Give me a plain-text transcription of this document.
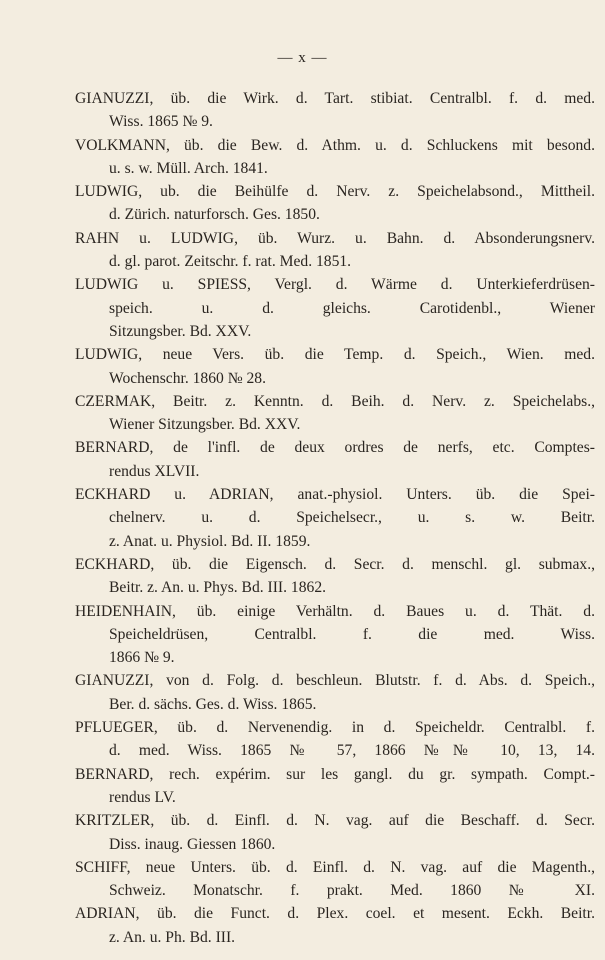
— x —
GIANUZZI, üb. die Wirk. d. Tart. stibiat. Centralbl. f. d. med.
Wiss. 1865 № 9.
VOLKMANN, üb. die Bew. d. Athm. u. d. Schluckens mit besond.
u. s. w. Müll. Arch. 1841.
LUDWIG, ub. die Beihülfe d. Nerv. z. Speichelabsond., Mittheil.
d. Zürich. naturforsch. Ges. 1850.
RAHN u. LUDWIG, üb. Wurz. u. Bahn. d. Absonderungsnerv.
d. gl. parot. Zeitschr. f. rat. Med. 1851.
LUDWIG u. SPIESS, Vergl. d. Wärme d. Unterkieferdrüsen-
speich. u. d. gleichs. Carotidenbl., Wiener
Sitzungsber. Bd. XXV.
LUDWIG, neue Vers. üb. die Temp. d. Speich., Wien. med.
Wochenschr. 1860 № 28.
CZERMAK, Beitr. z. Kenntn. d. Beih. d. Nerv. z. Speichelabs.,
Wiener Sitzungsber. Bd. XXV.
BERNARD, de l'infl. de deux ordres de nerfs, etc. Comptes-
rendus XLVII.
ECKHARD u. ADRIAN, anat.-physiol. Unters. üb. die Spei-
chelnerv. u. d. Speichelsecr., u. s. w. Beitr.
z. Anat. u. Physiol. Bd. II. 1859.
ECKHARD, üb. die Eigensch. d. Secr. d. menschl. gl. submax.,
Beitr. z. An. u. Phys. Bd. III. 1862.
HEIDENHAIN, üb. einige Verhältn. d. Baues u. d. Thät. d.
Speicheldrüsen, Centralbl. f. die med. Wiss.
1866 № 9.
GIANUZZI, von d. Folg. d. beschleun. Blutstr. f. d. Abs. d. Speich.,
Ber. d. sächs. Ges. d. Wiss. 1865.
PFLUEGER, üb. d. Nervenendig. in d. Speicheldr. Centralbl. f.
d. med. Wiss. 1865 № 57, 1866 №№ 10, 13, 14.
BERNARD, rech. expérim. sur les gangl. du gr. sympath. Compt.-
rendus LV.
KRITZLER, üb. d. Einfl. d. N. vag. auf die Beschaff. d. Secr.
Diss. inaug. Giessen 1860.
SCHIFF, neue Unters. üb. d. Einfl. d. N. vag. auf die Magenth.,
Schweiz. Monatschr. f. prakt. Med. 1860 № XI.
ADRIAN, üb. die Funct. d. Plex. coel. et mesent. Eckh. Beitr.
z. An. u. Ph. Bd. III.
